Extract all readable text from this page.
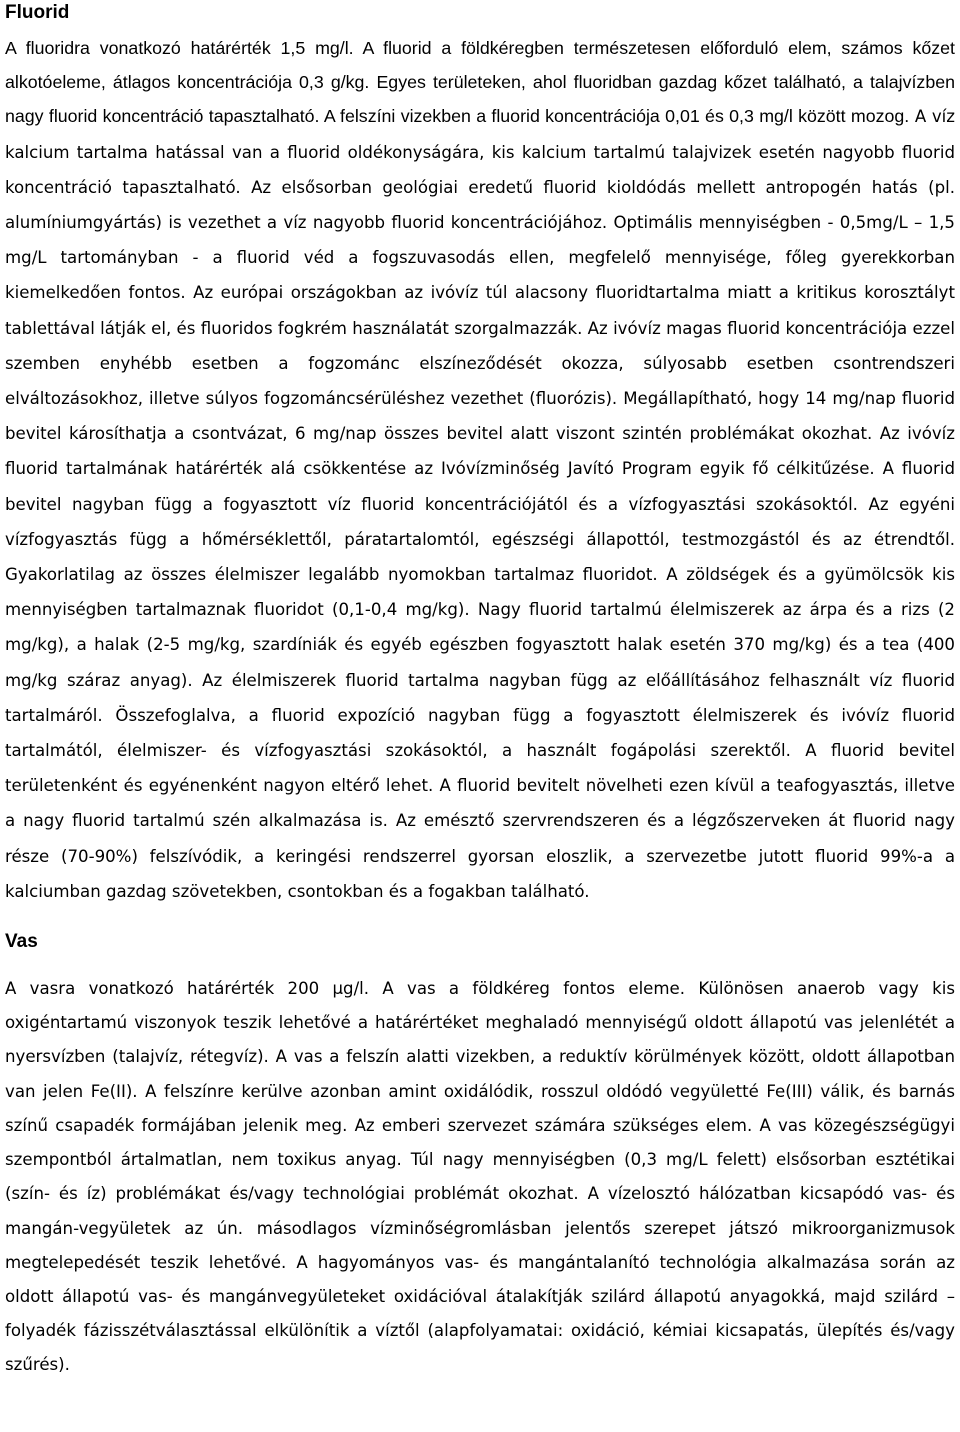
Fluorid

A fluoridra vonatkozó határérték 1,5 mg/l. A fluorid a földkéregben természetesen előforduló elem, számos kőzet alkotóeleme, átlagos koncentrációja 0,3 g/kg. Egyes területeken, ahol fluoridban gazdag kőzet található, a talajvízben nagy fluorid koncentráció tapasztalható. A felszíni vizekben a fluorid koncentrációja 0,01 és 0,3 mg/l között mozog. A víz kalcium tartalma hatással van a fluorid oldékonyságára, kis kalcium tartalmú talajvizek esetén nagyobb fluorid koncentráció tapasztalható. Az elsősorban geológiai eredetű fluorid kioldódás mellett antropogén hatás (pl. alumíniumgyártás) is vezethet a víz nagyobb fluorid koncentrációjához. Optimális mennyiségben - 0,5mg/L – 1,5 mg/L tartományban - a fluorid véd a fogszuvasodás ellen, megfelelő mennyisége, főleg gyerekkorban kiemelkedően fontos. Az európai országokban az ivóvíz túl alacsony fluoridtartalma miatt a kritikus korosztályt tablettával látják el, és fluoridos fogkrém használatát szorgalmazzák. Az ivóvíz magas fluorid koncentrációja ezzel szemben enyhébb esetben a fogzománc elszíneződését okozza, súlyosabb esetben csontrendszeri elváltozásokhoz, illetve súlyos fogzománcsérüléshez vezethet (fluorózis). Megállapítható, hogy 14 mg/nap fluorid bevitel károsíthatja a csontvázat, 6 mg/nap összes bevitel alatt viszont szintén problémákat okozhat. Az ivóvíz fluorid tartalmának határérték alá csökkentése az Ivóvízminőség Javító Program egyik fő célkitűzése. A fluorid bevitel nagyban függ a fogyasztott víz fluorid koncentrációjától és a vízfogyasztási szokásoktól. Az egyéni vízfogyasztás függ a hőmérséklettől, páratartalomtól, egészségi állapottól, testmozgástól és az étrendtől. Gyakorlatilag az összes élelmiszer legalább nyomokban tartalmaz fluoridot. A zöldségek és a gyümölcsök kis mennyiségben tartalmaznak fluoridot (0,1-0,4 mg/kg). Nagy fluorid tartalmú élelmiszerek az árpa és a rizs (2 mg/kg), a halak (2-5 mg/kg, szardíniák és egyéb egészben fogyasztott halak esetén 370 mg/kg) és a tea (400 mg/kg száraz anyag). Az élelmiszerek fluorid tartalma nagyban függ az előállításához felhasznált víz fluorid tartalmáról. Összefoglalva, a fluorid expozíció nagyban függ a fogyasztott élelmiszerek és ivóvíz fluorid tartalmától, élelmiszer- és vízfogyasztási szokásoktól, a használt fogápolási szerektől. A fluorid bevitel területenként és egyénenként nagyon eltérő lehet. A fluorid bevitelt növelheti ezen kívül a teafogyasztás, illetve a nagy fluorid tartalmú szén alkalmazása is. Az emésztő szervrendszeren és a légzőszerveken át fluorid nagy része (70-90%) felszívódik, a keringési rendszerrel gyorsan eloszlik, a szervezetbe jutott fluorid 99%-a a kalciumban gazdag szövetekben, csontokban és a fogakban található.

Vas

A vasra vonatkozó határérték 200 µg/l. A vas a földkéreg fontos eleme. Különösen anaerob vagy kis oxigéntartamú viszonyok teszik lehetővé a határértéket meghaladó mennyiségű oldott állapotú vas jelenlétét a nyersvízben (talajvíz, rétegvíz). A vas a felszín alatti vizekben, a reduktív körülmények között, oldott állapotban van jelen Fe(II). A felszínre kerülve azonban amint oxidálódik, rosszul oldódó vegyületté Fe(III) válik, és barnás színű csapadék formájában jelenik meg. Az emberi szervezet számára szükséges elem. A vas közegészségügyi szempontból ártalmatlan, nem toxikus anyag. Túl nagy mennyiségben (0,3 mg/L felett) elsősorban esztétikai (szín- és íz) problémákat és/vagy technológiai problémát okozhat. A vízelosztó hálózatban kicsapódó vas- és mangán-vegyületek az ún. másodlagos vízminőségromlásban jelentős szerepet játszó mikroorganizmusok megtelepedését teszik lehetővé. A hagyományos vas- és mangántalanító technológia alkalmazása során az oldott állapotú vas- és mangánvegyületeket oxidációval átalakítják szilárd állapotú anyagokká, majd szilárd – folyadék fázisszétválasztással elkülönítik a víztől (alapfolyamatai: oxidáció, kémiai kicsapatás, ülepítés és/vagy szűrés).
